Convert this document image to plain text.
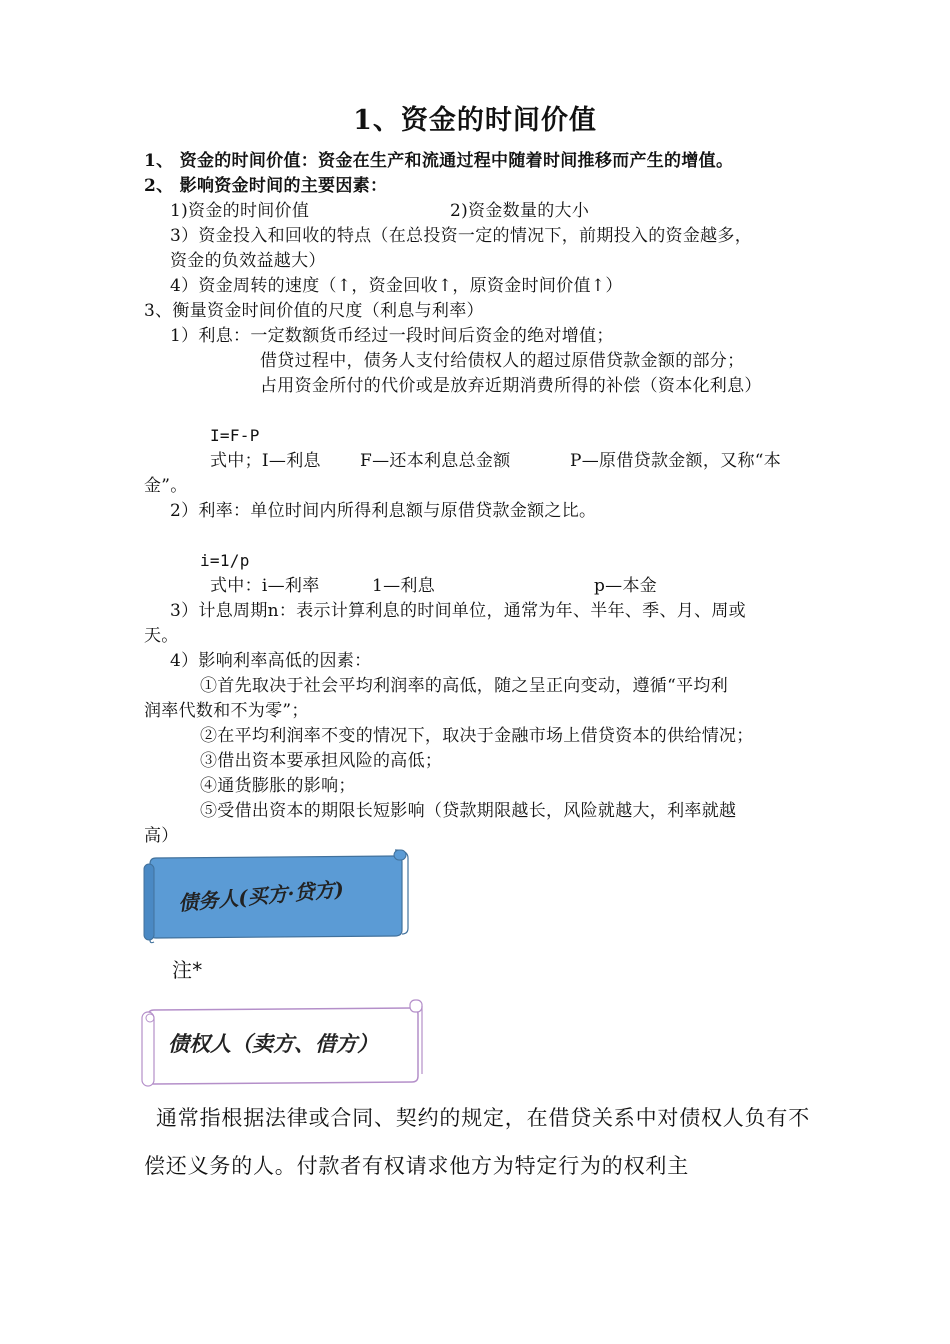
1、资金的时间价值
1、 资金的时间价值：资金在生产和流通过程中随着时间推移而产生的增值。
2、 影响资金时间的主要因素：
1)资金的时间价值	2)资金数量的大小
3）资金投入和回收的特点（在总投资一定的情况下，前期投入的资金越多，
资金的负效益越大）
4）资金周转的速度（↑，资金回收↑，原资金时间价值↑）
3、衡量资金时间价值的尺度（利息与利率）
1）利息：一定数额货币经过一段时间后资金的绝对增值；
借贷过程中，债务人支付给债权人的超过原借贷款金额的部分；
占用资金所付的代价或是放弃近期消费所得的补偿（资本化利息）
I=F-P
式中；I—利息 F—还本利息总金额	P—原借贷款金额，又称“本
金”。
2）利率：单位时间内所得利息额与原借贷款金额之比。
i=1/p
式中：i—利率	1—利息	p—本金
3）计息周期n：表示计算利息的时间单位，通常为年、半年、季、月、周或
天。
4）影响利率高低的因素：
①首先取决于社会平均利润率的高低，随之呈正向变动，遵循“平均利
润率代数和不为零”；
②在平均利润率不变的情况下，取决于金融市场上借贷资本的供给情况；
③借出资本要承担风险的高低；
④通货膨胀的影响；
⑤受借出资本的期限长短影响（贷款期限越长，风险就越大，利率就越
高）
债务人(买方·贷方)
注*
债权人（卖方、借方）
通常指根据法律或合同、契约的规定，在借贷关系中对债权人负有不偿还义务的人。付款者有权请求他方为特定行为的权利主
